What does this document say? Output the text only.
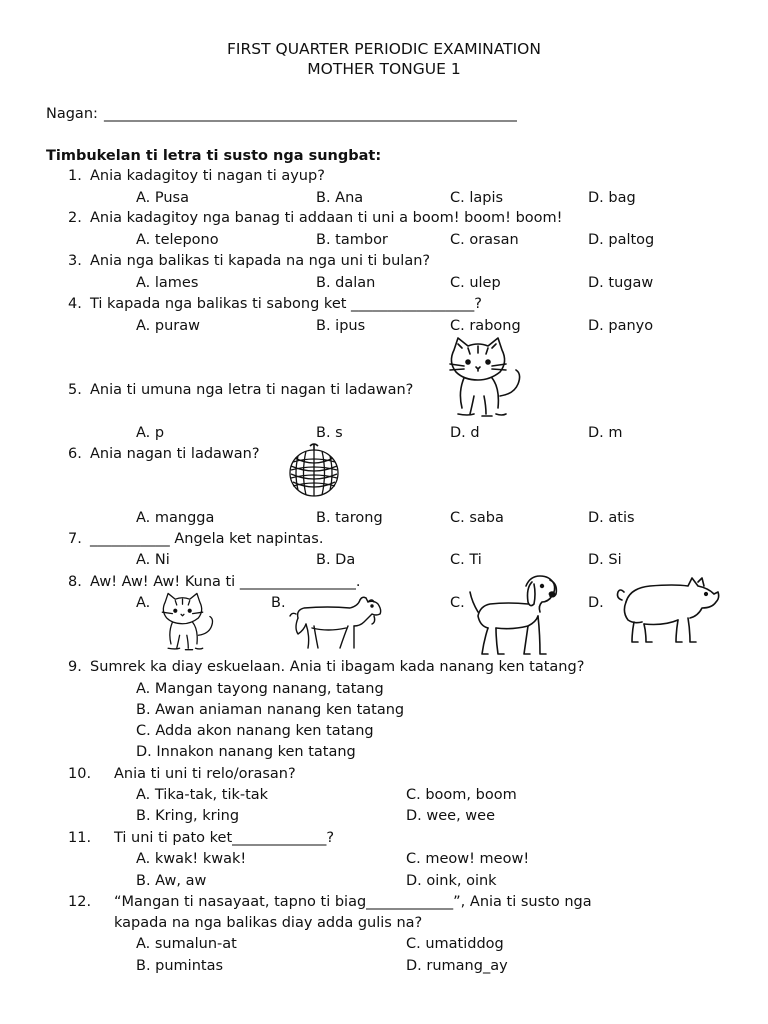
FIRST QUARTER PERIODIC EXAMINATION
MOTHER TONGUE 1
Nagan: ______________________________________________________________
Timbukelan ti letra ti susto nga sungbat:
1. Ania kadagitoy ti nagan ti ayup?
A. Pusa	B. Ana	C. lapis	D. bag
2. Ania kadagitoy nga banag ti addaan ti uni a boom! boom! boom!
A. telepono	B. tambor	C. orasan	D. paltog
3. Ania nga balikas ti kapada na nga uni ti bulan?
A. lames	B. dalan	C. ulep	D. tugaw
4. Ti kapada nga balikas ti sabong ket _________________?
A. puraw	B. ipus	C. rabong	D. panyo
5. Ania ti umuna nga letra ti nagan ti ladawan?
A. p	B. s	D. d	D. m
6. Ania nagan ti ladawan?
A. mangga	B. tarong	C. saba	D. atis
7. ___________ Angela ket napintas.
A. Ni	B. Da	C. Ti	D. Si
8. Aw! Aw! Aw! Kuna ti ________________.
A.	B.	C.	D.
9. Sumrek ka diay eskuelaan. Ania ti ibagam kada nanang ken tatang?
A. Mangan tayong nanang, tatang
B. Awan aniaman nanang ken tatang
C. Adda akon nanang ken tatang
D. Innakon nanang ken tatang
10. Ania ti uni ti relo/orasan?
A. Tika-tak, tik-tak	C. boom, boom
B. Kring, kring	D. wee, wee
11. Ti uni ti pato ket_____________?
A. kwak! kwak!	C. meow! meow!
B. Aw, aw	D. oink, oink
12. “Mangan ti nasayaat, tapno ti biag____________”, Ania ti susto nga
kapada na nga balikas diay adda gulis na?
A. sumalun-at	C. umatiddog
B. pumintas	D. rumang_ay
